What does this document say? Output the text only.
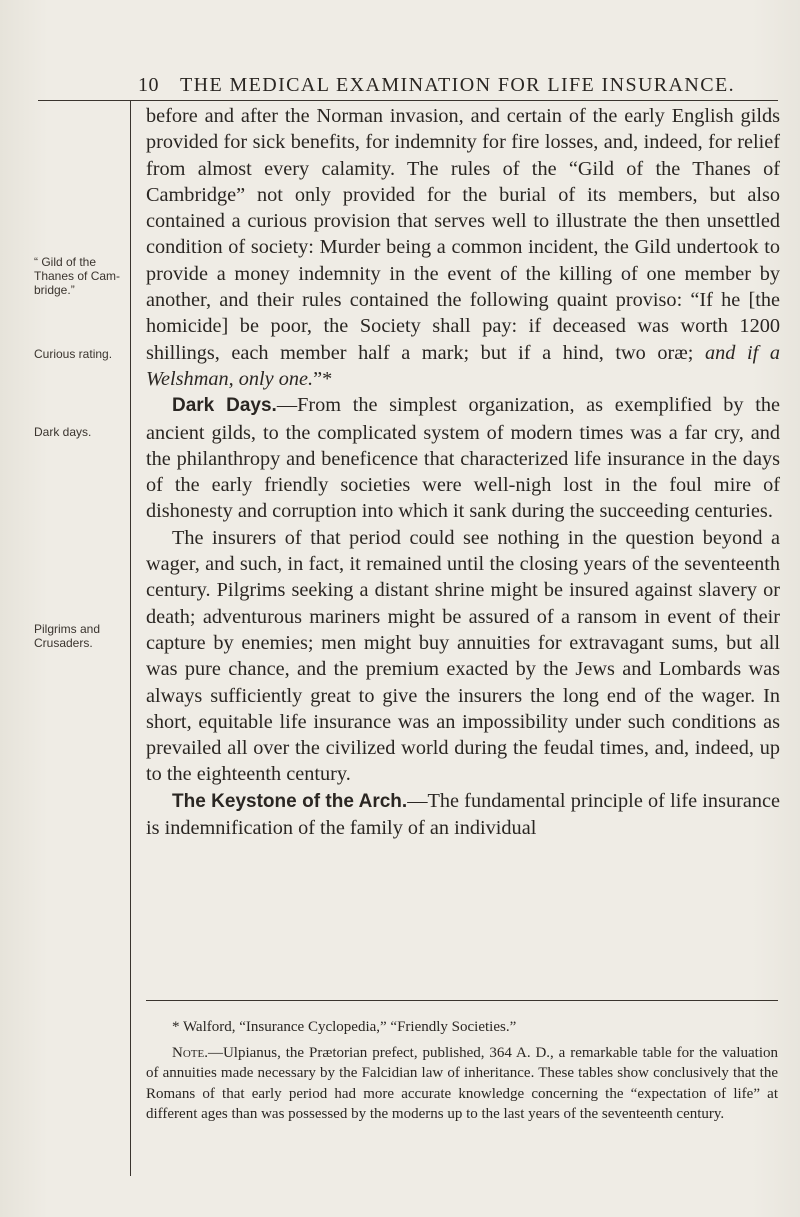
10 THE MEDICAL EXAMINATION FOR LIFE INSURANCE.
“ Gild of the Thanes of Cam- bridge.”
Curious rating.
Dark days.
Pilgrims and Crusaders.

before and after the Norman invasion, and certain of the early English gilds provided for sick benefits, for indemnity for fire losses, and, indeed, for relief from almost every calamity. The rules of the “Gild of the Thanes of Cambridge” not only provided for the burial of its members, but also contained a curious provision that serves well to illustrate the then unsettled condition of society: Murder being a common incident, the Gild undertook to provide a money indemnity in the event of the killing of one member by another, and their rules contained the following quaint proviso: “If he [the homicide] be poor, the Society shall pay: if deceased was worth 1200 shillings, each member half a mark; but if a hind, two oræ; and if a Welshman, only one.”*

Dark Days.—From the simplest organization, as exemplified by the ancient gilds, to the complicated system of modern times was a far cry, and the philanthropy and beneficence that characterized life insurance in the days of the early friendly societies were well-nigh lost in the foul mire of dishonesty and corruption into which it sank during the succeeding centuries.

The insurers of that period could see nothing in the question beyond a wager, and such, in fact, it remained until the closing years of the seventeenth century. Pilgrims seeking a distant shrine might be insured against slavery or death; adventurous mariners might be assured of a ransom in event of their capture by enemies; men might buy annuities for extravagant sums, but all was pure chance, and the premium exacted by the Jews and Lombards was always sufficiently great to give the insurers the long end of the wager. In short, equitable life insurance was an impossibility under such conditions as prevailed all over the civilized world during the feudal times, and, indeed, up to the eighteenth century.

The Keystone of the Arch.—The fundamental principle of life insurance is indemnification of the family of an individual

* Walford, “Insurance Cyclopedia,” “Friendly Societies.”

Note.—Ulpianus, the Prætorian prefect, published, 364 A. D., a remarkable table for the valuation of annuities made necessary by the Falcidian law of inheritance. These tables show conclusively that the Romans of that early period had more accurate knowledge concerning the “expectation of life” at different ages than was possessed by the moderns up to the last years of the seventeenth century.
